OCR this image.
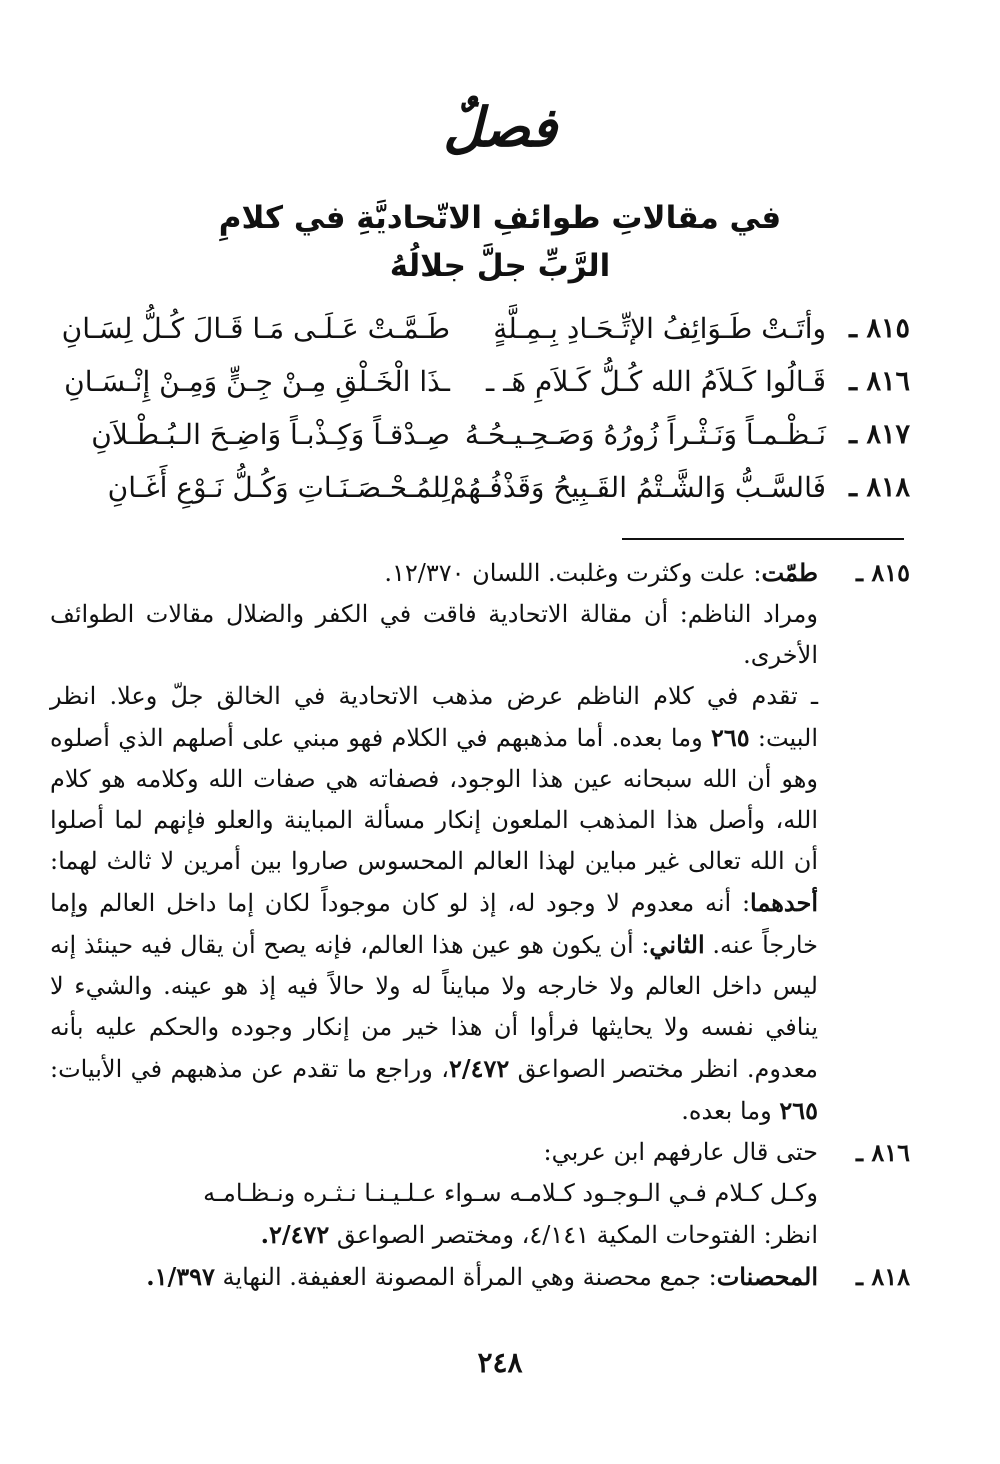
فصلٌ
في مقالاتِ طوائفِ الاتّحاديَّةِ في كلامِ
الرَّبِّ جلَّ جلالُهُ
٨١٥ ـ
وأتَـتْ طَـوَائِفُ الإتِّـحَـادِ بِـمِـلَّةٍ
طَـمَّـتْ عَـلَـى مَـا قَـالَ كُـلُّ لِسَـانِ
٨١٦ ـ
قَـالُوا كَـلاَمُ الله كُـلُّ كَـلاَمِ هَـ ـ
ـذَا الْخَـلْقِ مِـنْ جِـنٍّ وَمِـنْ إِنْـسَـانِ
٨١٧ ـ
نَـظْـمـاً وَنَـثْـراً زُورُهُ وَصَـحِـيـحُـهُ
صِـدْقـاً وَكِـذْبـاً وَاضِـحَ الـبُـطْـلاَنِ
٨١٨ ـ
فَالسَّـبُّ وَالشَّـتْمُ القَـبِيحُ وَقَذْفُـهُمْ
لِلمُـحْـصَـنَـاتِ وَكُـلُّ نَـوْعِ أَغَـانِ
٨١٥ ـ
طمّت: علت وكثرت وغلبت. اللسان ١٢/٣٧٠.
ومراد الناظم: أن مقالة الاتحادية فاقت في الكفر والضلال مقالات الطوائف الأخرى.
ـ تقدم في كلام الناظم عرض مذهب الاتحادية في الخالق جلّ وعلا. انظر البيت: ٢٦٥ وما بعده. أما مذهبهم في الكلام فهو مبني على أصلهم الذي أصلوه وهو أن الله سبحانه عين هذا الوجود، فصفاته هي صفات الله وكلامه هو كلام الله، وأصل هذا المذهب الملعون إنكار مسألة المباينة والعلو فإنهم لما أصلوا أن الله تعالى غير مباين لهذا العالم المحسوس صاروا بين أمرين لا ثالث لهما: أحدهما: أنه معدوم لا وجود له، إذ لو كان موجوداً لكان إما داخل العالم وإما خارجاً عنه. الثاني: أن يكون هو عين هذا العالم، فإنه يصح أن يقال فيه حينئذ إنه ليس داخل العالم ولا خارجه ولا مبايناً له ولا حالاً فيه إذ هو عينه. والشيء لا ينافي نفسه ولا يحايثها فرأوا أن هذا خير من إنكار وجوده والحكم عليه بأنه معدوم. انظر مختصر الصواعق ٢/٤٧٢، وراجع ما تقدم عن مذهبهم في الأبيات: ٢٦٥ وما بعده.
٨١٦ ـ
حتى قال عارفهم ابن عربي:
وكـل كـلام فـي الـوجـود كـلامـه سـواء عـلـيـنـا نـثـره ونـظـامـه
انظر: الفتوحات المكية ٤/١٤١، ومختصر الصواعق ٢/٤٧٢.
٨١٨ ـ
المحصنات: جمع محصنة وهي المرأة المصونة العفيفة. النهاية ١/٣٩٧.
٢٤٨
